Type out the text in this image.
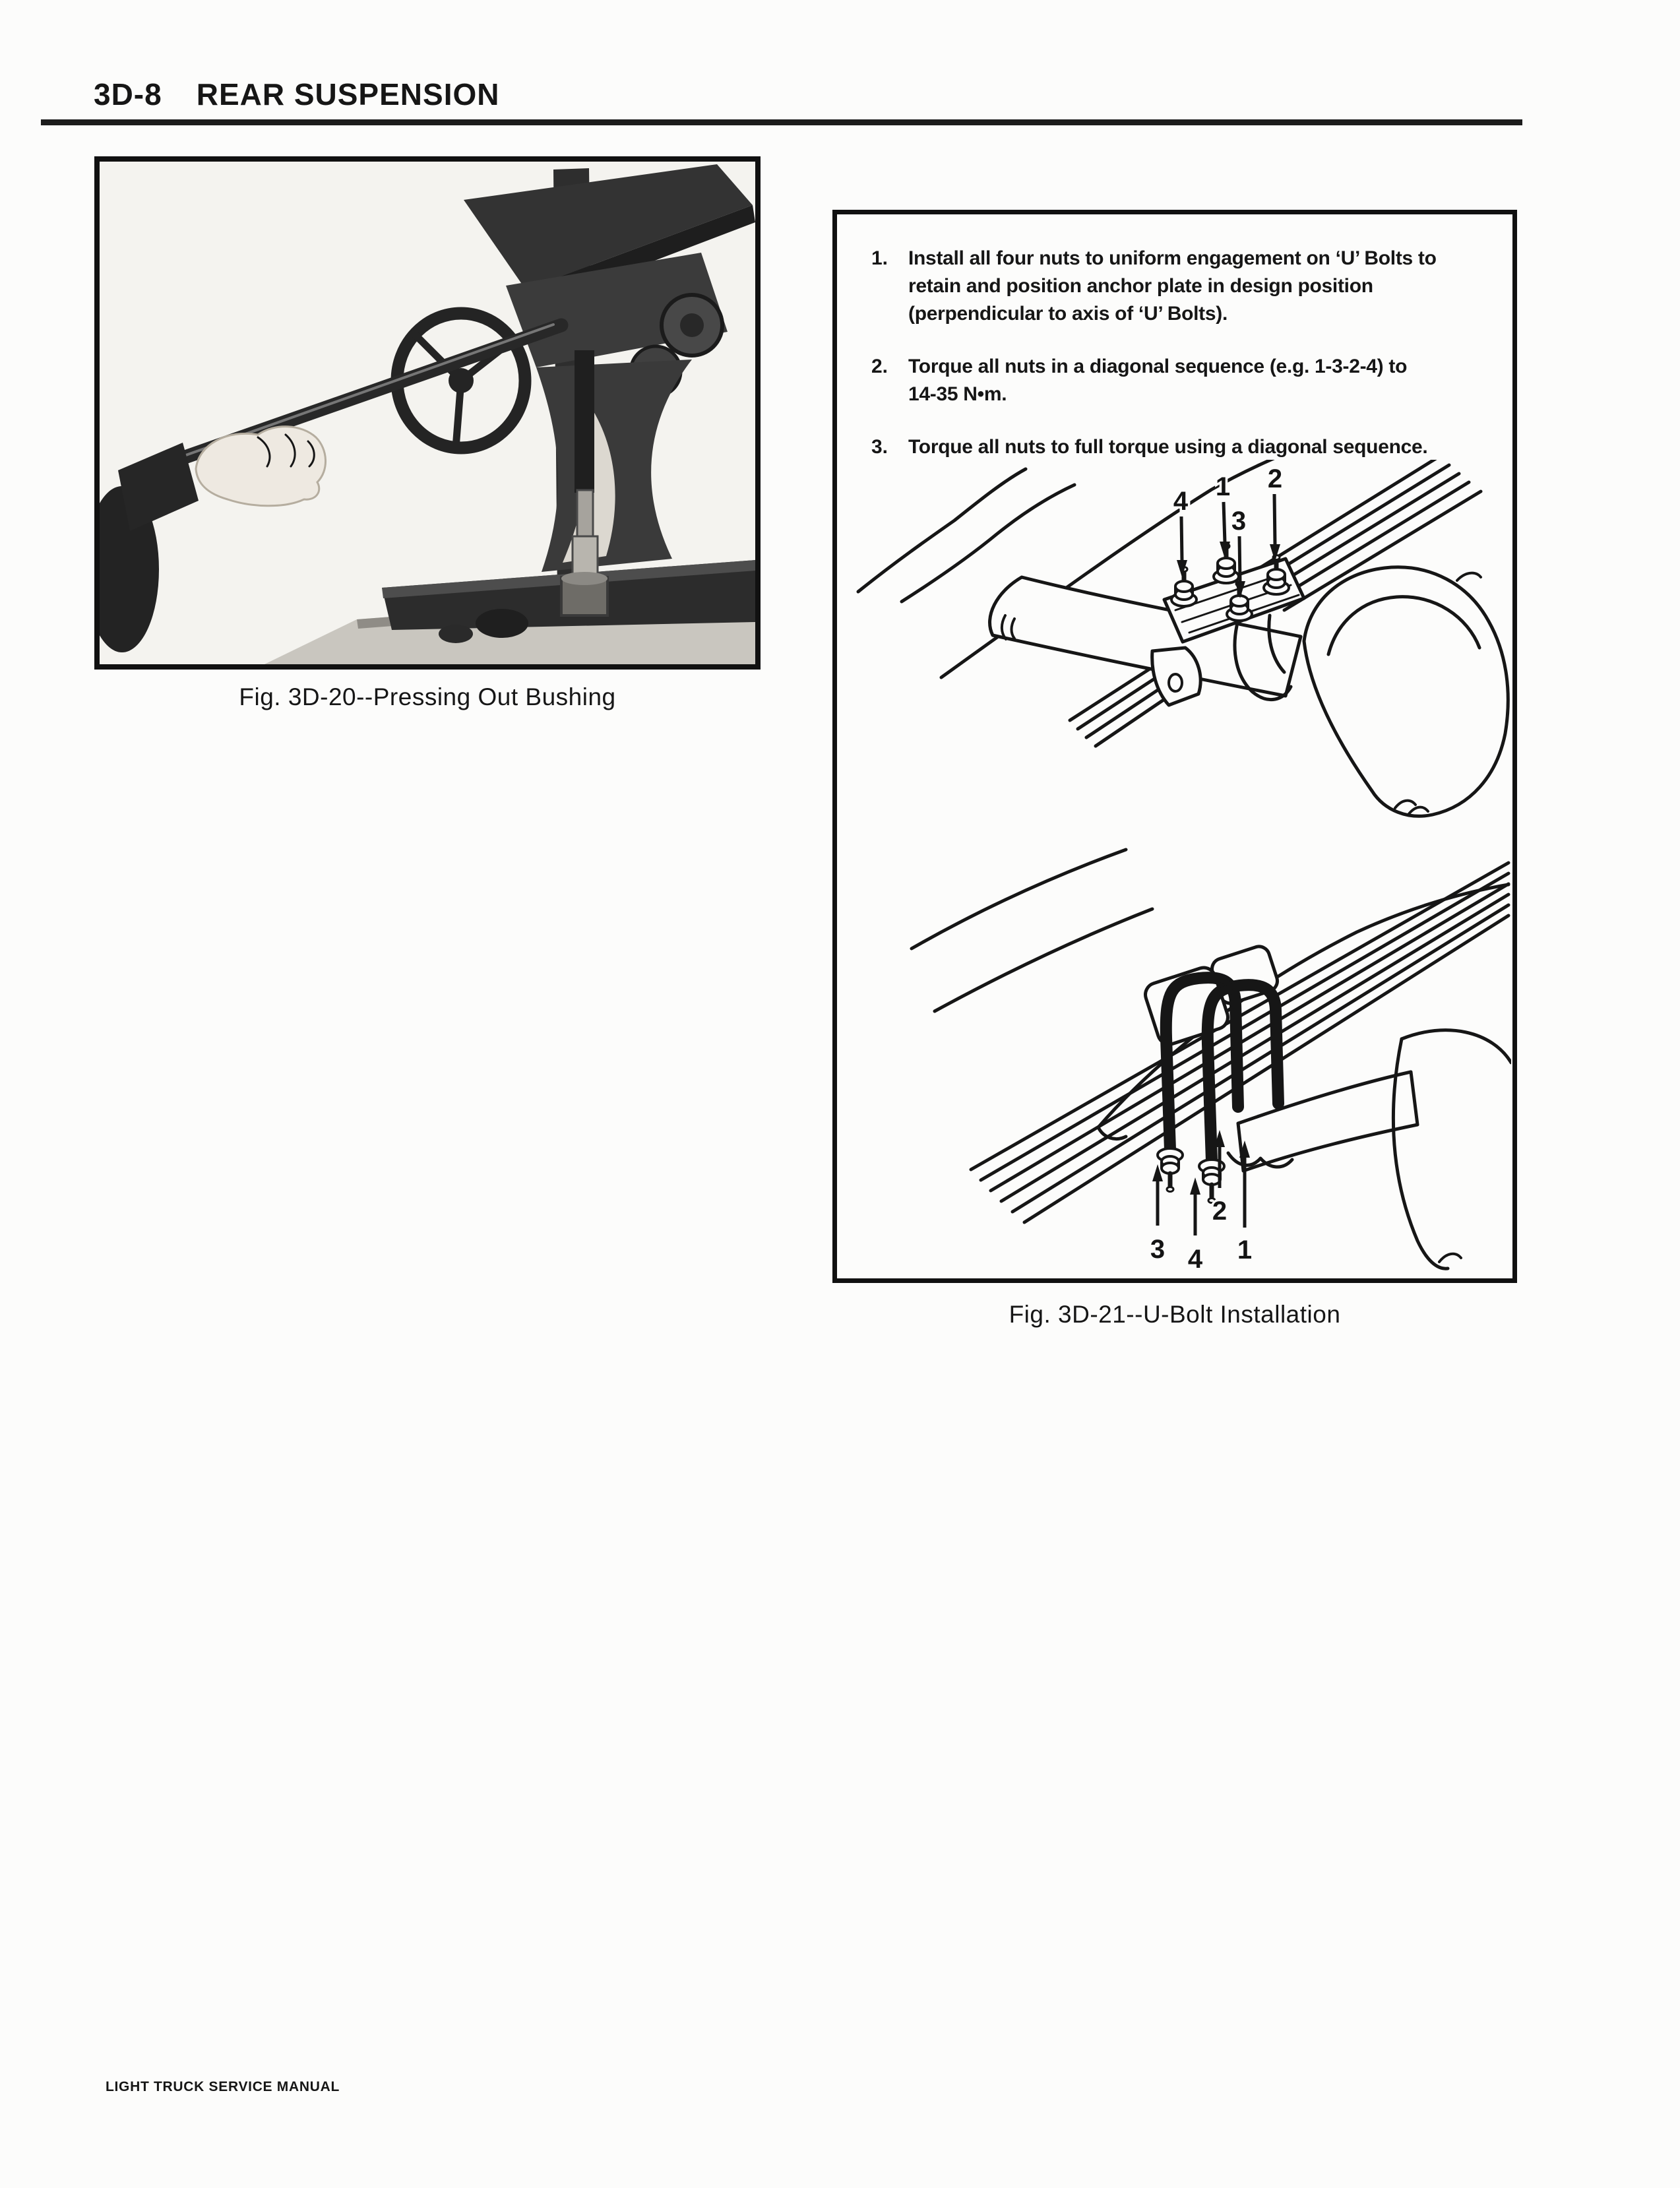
3D-8 REAR SUSPENSION
Fig. 3D-20--Pressing Out Bushing
1.	Install all four nuts to uniform engagement on ‘U’ Bolts to
retain and position anchor plate in design position
(perpendicular to axis of ‘U’ Bolts).
2.	Torque all nuts in a diagonal sequence (e.g. 1-3-2-4) to
14-35 N•m.
3.	Torque all nuts to full torque using a diagonal sequence.
4 1
3
2
3 4
2
1
Fig. 3D-21--U-Bolt Installation
LIGHT TRUCK SERVICE MANUAL
